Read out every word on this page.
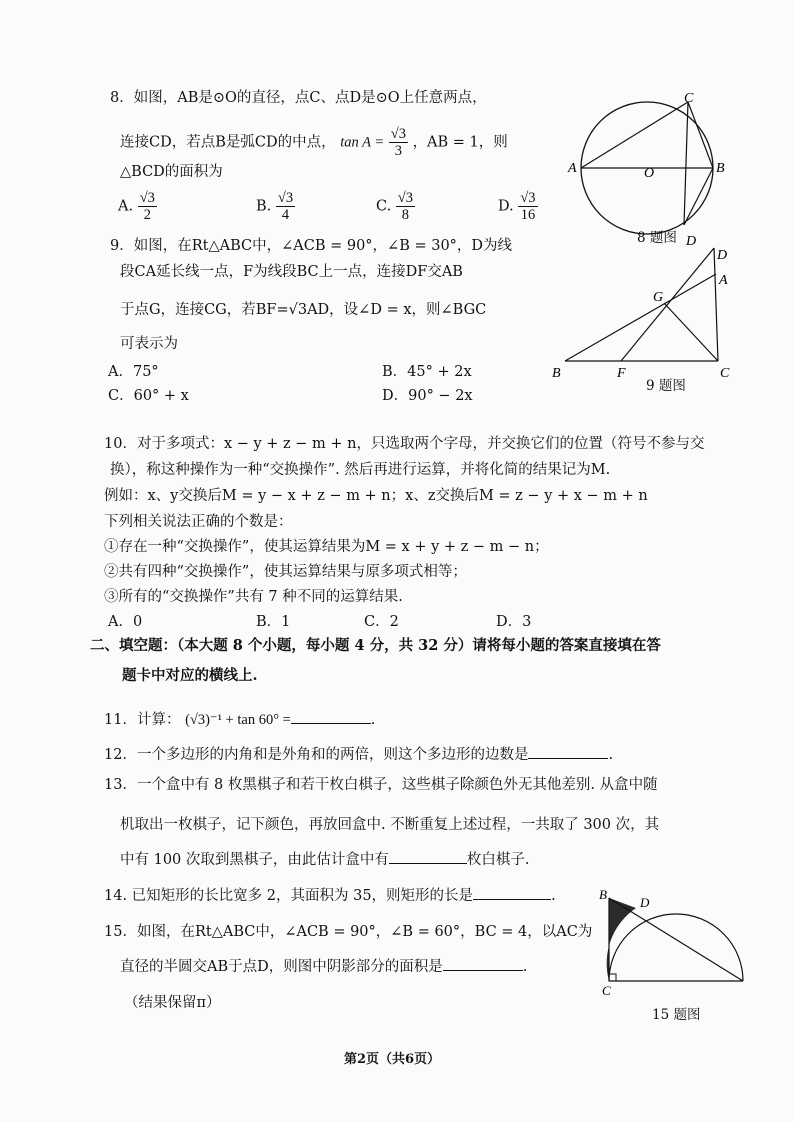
8．如图，AB是⊙O的直径，点C、点D是⊙O上任意两点，
连接CD，若点B是弧CD的中点， $\tan A = \frac{√3}{3}$ ，AB = 1，则
△BCD的面积为
A. $\frac{√3}{2}$	B. $\frac{√3}{4}$	C. $\frac{√3}{8}$	D. $\frac{√3}{16}$
A	B
C
D
O
8 题图
9．如图，在Rt△ABC中，∠ACB = 90°，∠B = 30°，D为线
段CA延长线一点，F为线段BC上一点，连接DF交AB
于点G，连接CG，若BF=√3AD，设∠D = x，则∠BGC
可表示为
A．75°	B．45° + 2x
C．60° + x	D．90° − 2x
B	F	C
G
D
A
9 题图
10．对于多项式：x − y + z − m + n，只选取两个字母，并交换它们的位置（符号不参与交
换），称这种操作为一种“交换操作”. 然后再进行运算，并将化简的结果记为M.
例如：x、y交换后M = y − x + z − m + n；x、z交换后M = z − y + x − m + n
下列相关说法正确的个数是：
①存在一种“交换操作”，使其运算结果为M = x + y + z − m − n；
②共有四种“交换操作”，使其运算结果与原多项式相等；
③所有的“交换操作”共有 7 种不同的运算结果.
A．0	B．1	C．2	D．3
二、填空题：（本大题 8 个小题，每小题 4 分，共 32 分）请将每小题的答案直接填在答
题卡中对应的横线上.
11．计算： (√3)⁻¹ + tan 60° =	.
12．一个多边形的内角和是外角和的两倍，则这个多边形的边数是	.
13．一个盒中有 8 枚黑棋子和若干枚白棋子，这些棋子除颜色外无其他差别. 从盒中随
机取出一枚棋子，记下颜色，再放回盒中. 不断重复上述过程，一共取了 300 次，其
中有 100 次取到黑棋子，由此估计盒中有	枚白棋子.
14. 已知矩形的长比宽多 2，其面积为 35，则矩形的长是	.
15．如图，在Rt△ABC中，∠ACB = 90°，∠B = 60°，BC = 4，以AC为
直径的半圆交AB于点D，则图中阴影部分的面积是	.
（结果保留π）
B
D
C
15 题图
第2页（共6页）
